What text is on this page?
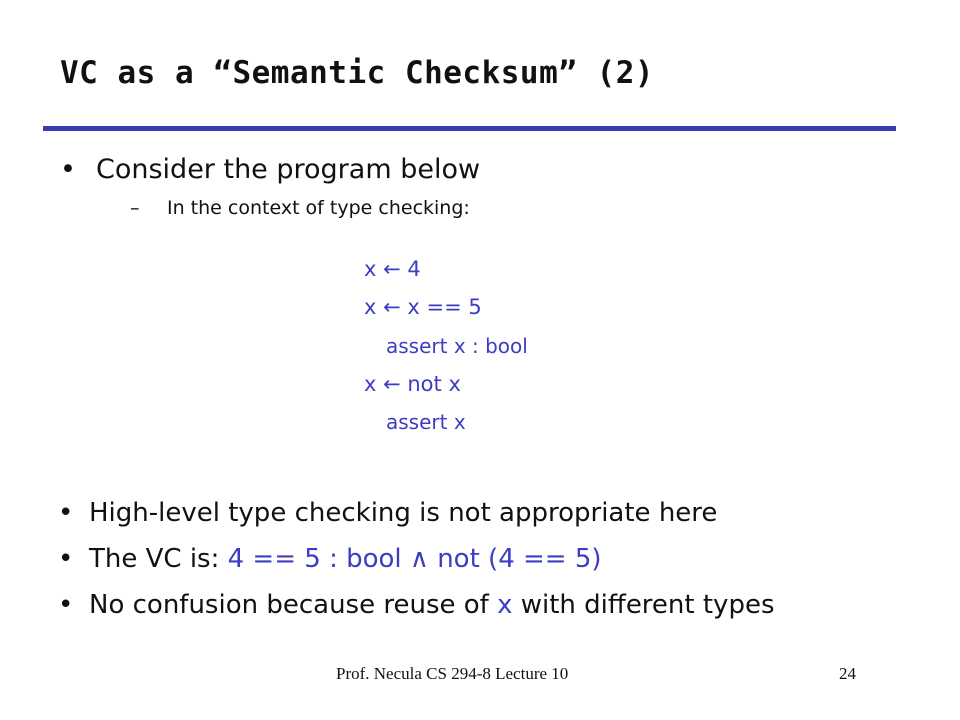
VC as a “Semantic Checksum” (2)
• Consider the program below
– In the context of type checking:
x ← 4
x ← x == 5
assert x : bool
x ← not x
assert x
• High-level type checking is not appropriate here
• The VC is: 4 == 5 : bool ∧ not (4 == 5)
• No confusion because reuse of x with different types
Prof. Necula CS 294-8 Lecture 10	24
